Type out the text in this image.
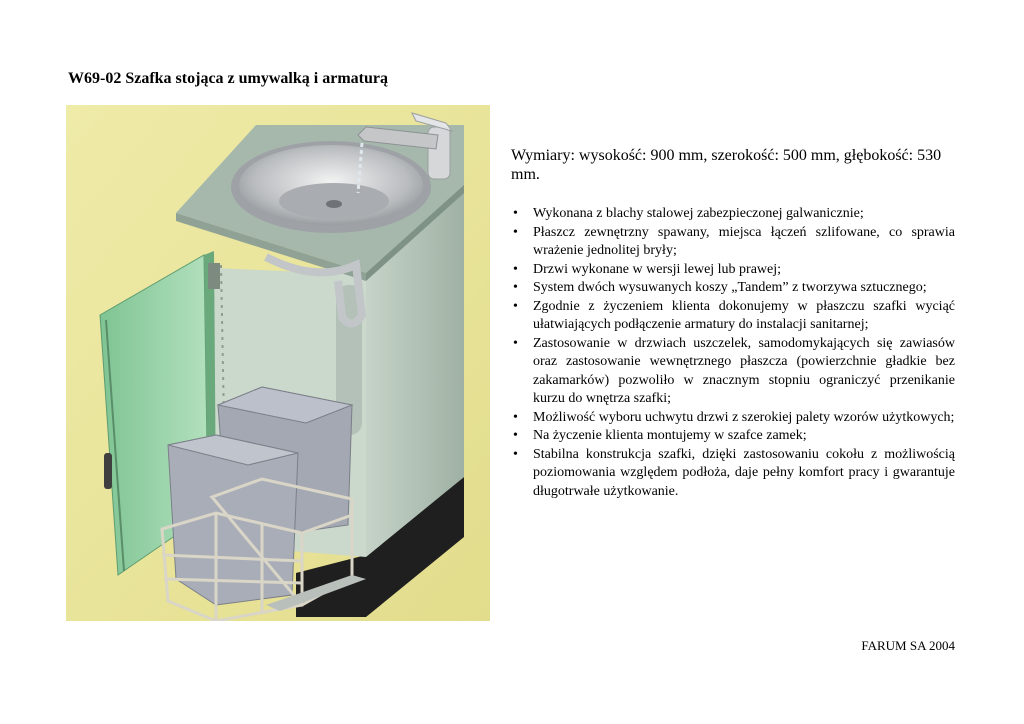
W69-02 Szafka stojąca z umywalką i armaturą
Wymiary: wysokość: 900 mm, szerokość: 500 mm, głębokość: 530 mm.
• Wykonana z blachy stalowej zabezpieczonej galwanicznie;
• Płaszcz zewnętrzny spawany, miejsca łączeń szlifowane, co sprawia wrażenie jednolitej bryły;
• Drzwi wykonane w wersji lewej lub prawej;
• System dwóch wysuwanych koszy „Tandem” z tworzywa sztucznego;
• Zgodnie z życzeniem klienta dokonujemy w płaszczu szafki wyciąć ułatwiających podłączenie armatury do instalacji sanitarnej;
• Zastosowanie w drzwiach uszczelek, samodomykających się zawiasów oraz zastosowanie wewnętrznego płaszcza (powierzchnie gładkie bez zakamarków) pozwoliło w znacznym stopniu ograniczyć przenikanie kurzu do wnętrza szafki;
• Możliwość wyboru uchwytu drzwi z szerokiej palety wzorów użytkowych;
• Na życzenie klienta montujemy w szafce zamek;
• Stabilna konstrukcja szafki, dzięki zastosowaniu cokołu z możliwością poziomowania względem podłoża, daje pełny komfort pracy i gwarantuje długotrwałe użytkowanie.
FARUM SA 2004
